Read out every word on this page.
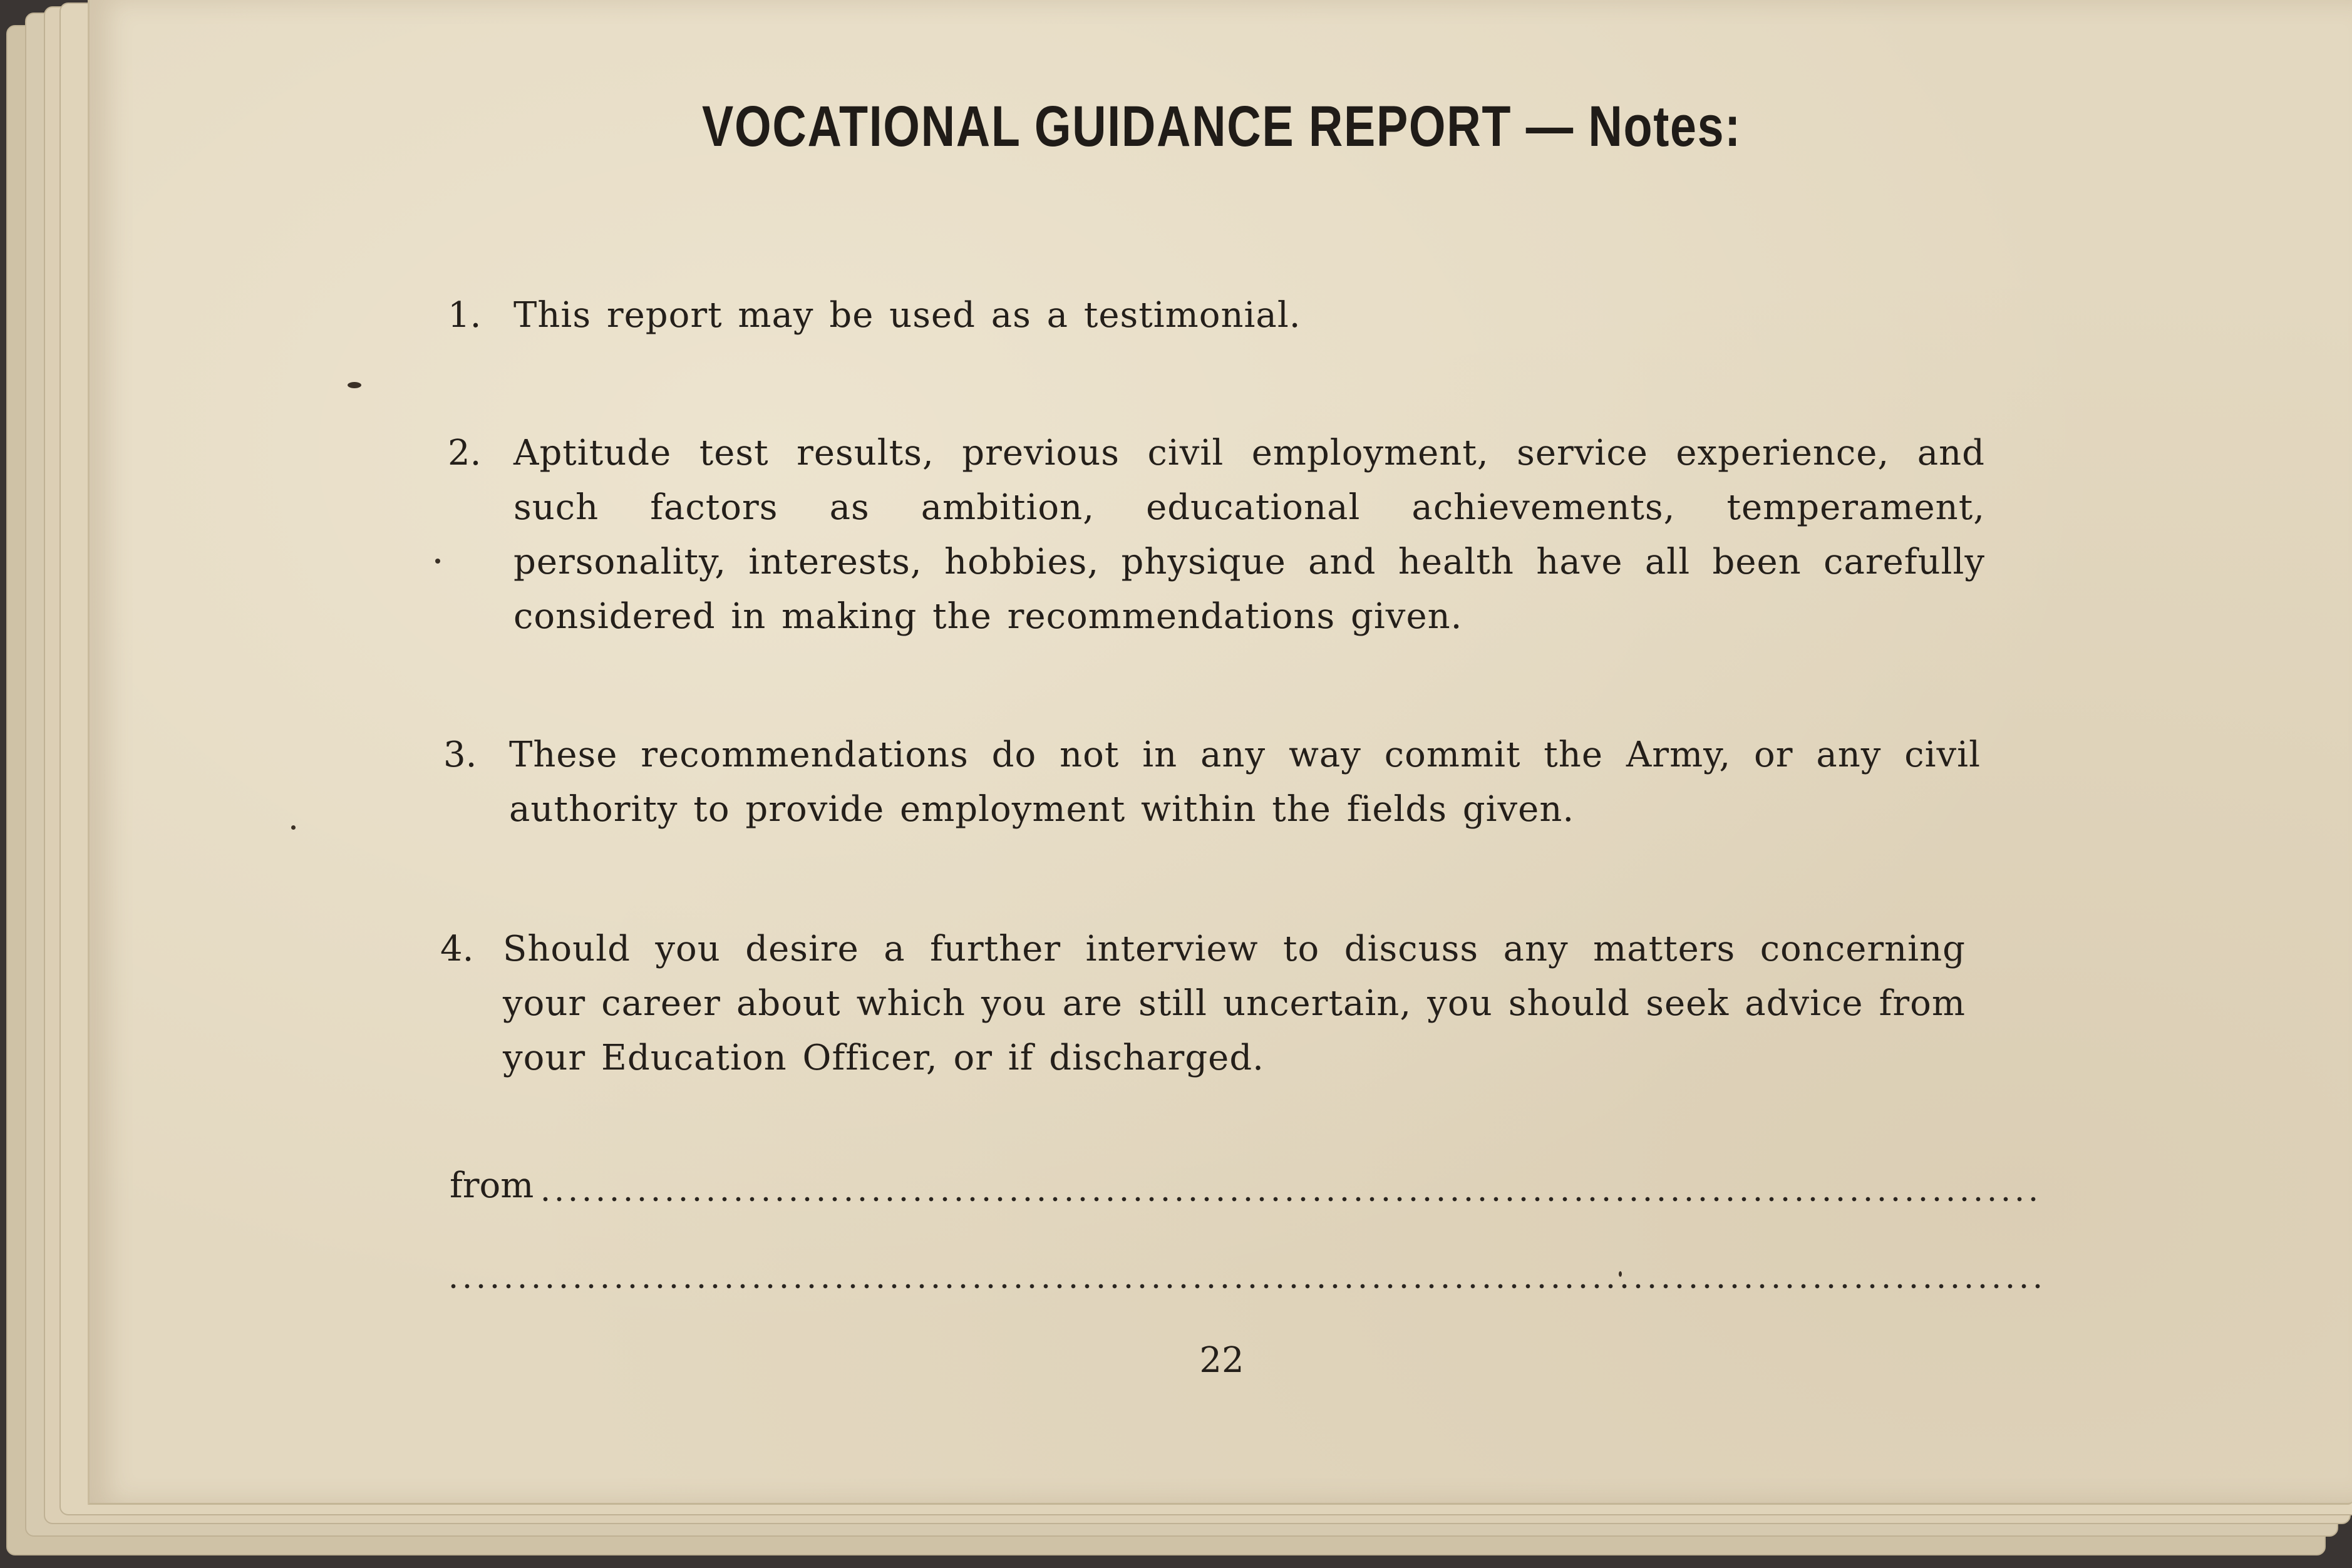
VOCATIONAL GUIDANCE REPORT — Notes:
1. This report may be used as a testimonial.
2. Aptitude test results, previous civil employment, service experience, and such factors as ambition, educational achievements, temperament, personality, interests, hobbies, physique and health have all been carefully considered in making the recommendations given.
3. These recommendations do not in any way commit the Army, or any civil authority to provide employment within the fields given.
4. Should you desire a further interview to discuss any matters concerning your career about which you are still uncertain, you should seek advice from your Education Officer, or if discharged.
from
22
